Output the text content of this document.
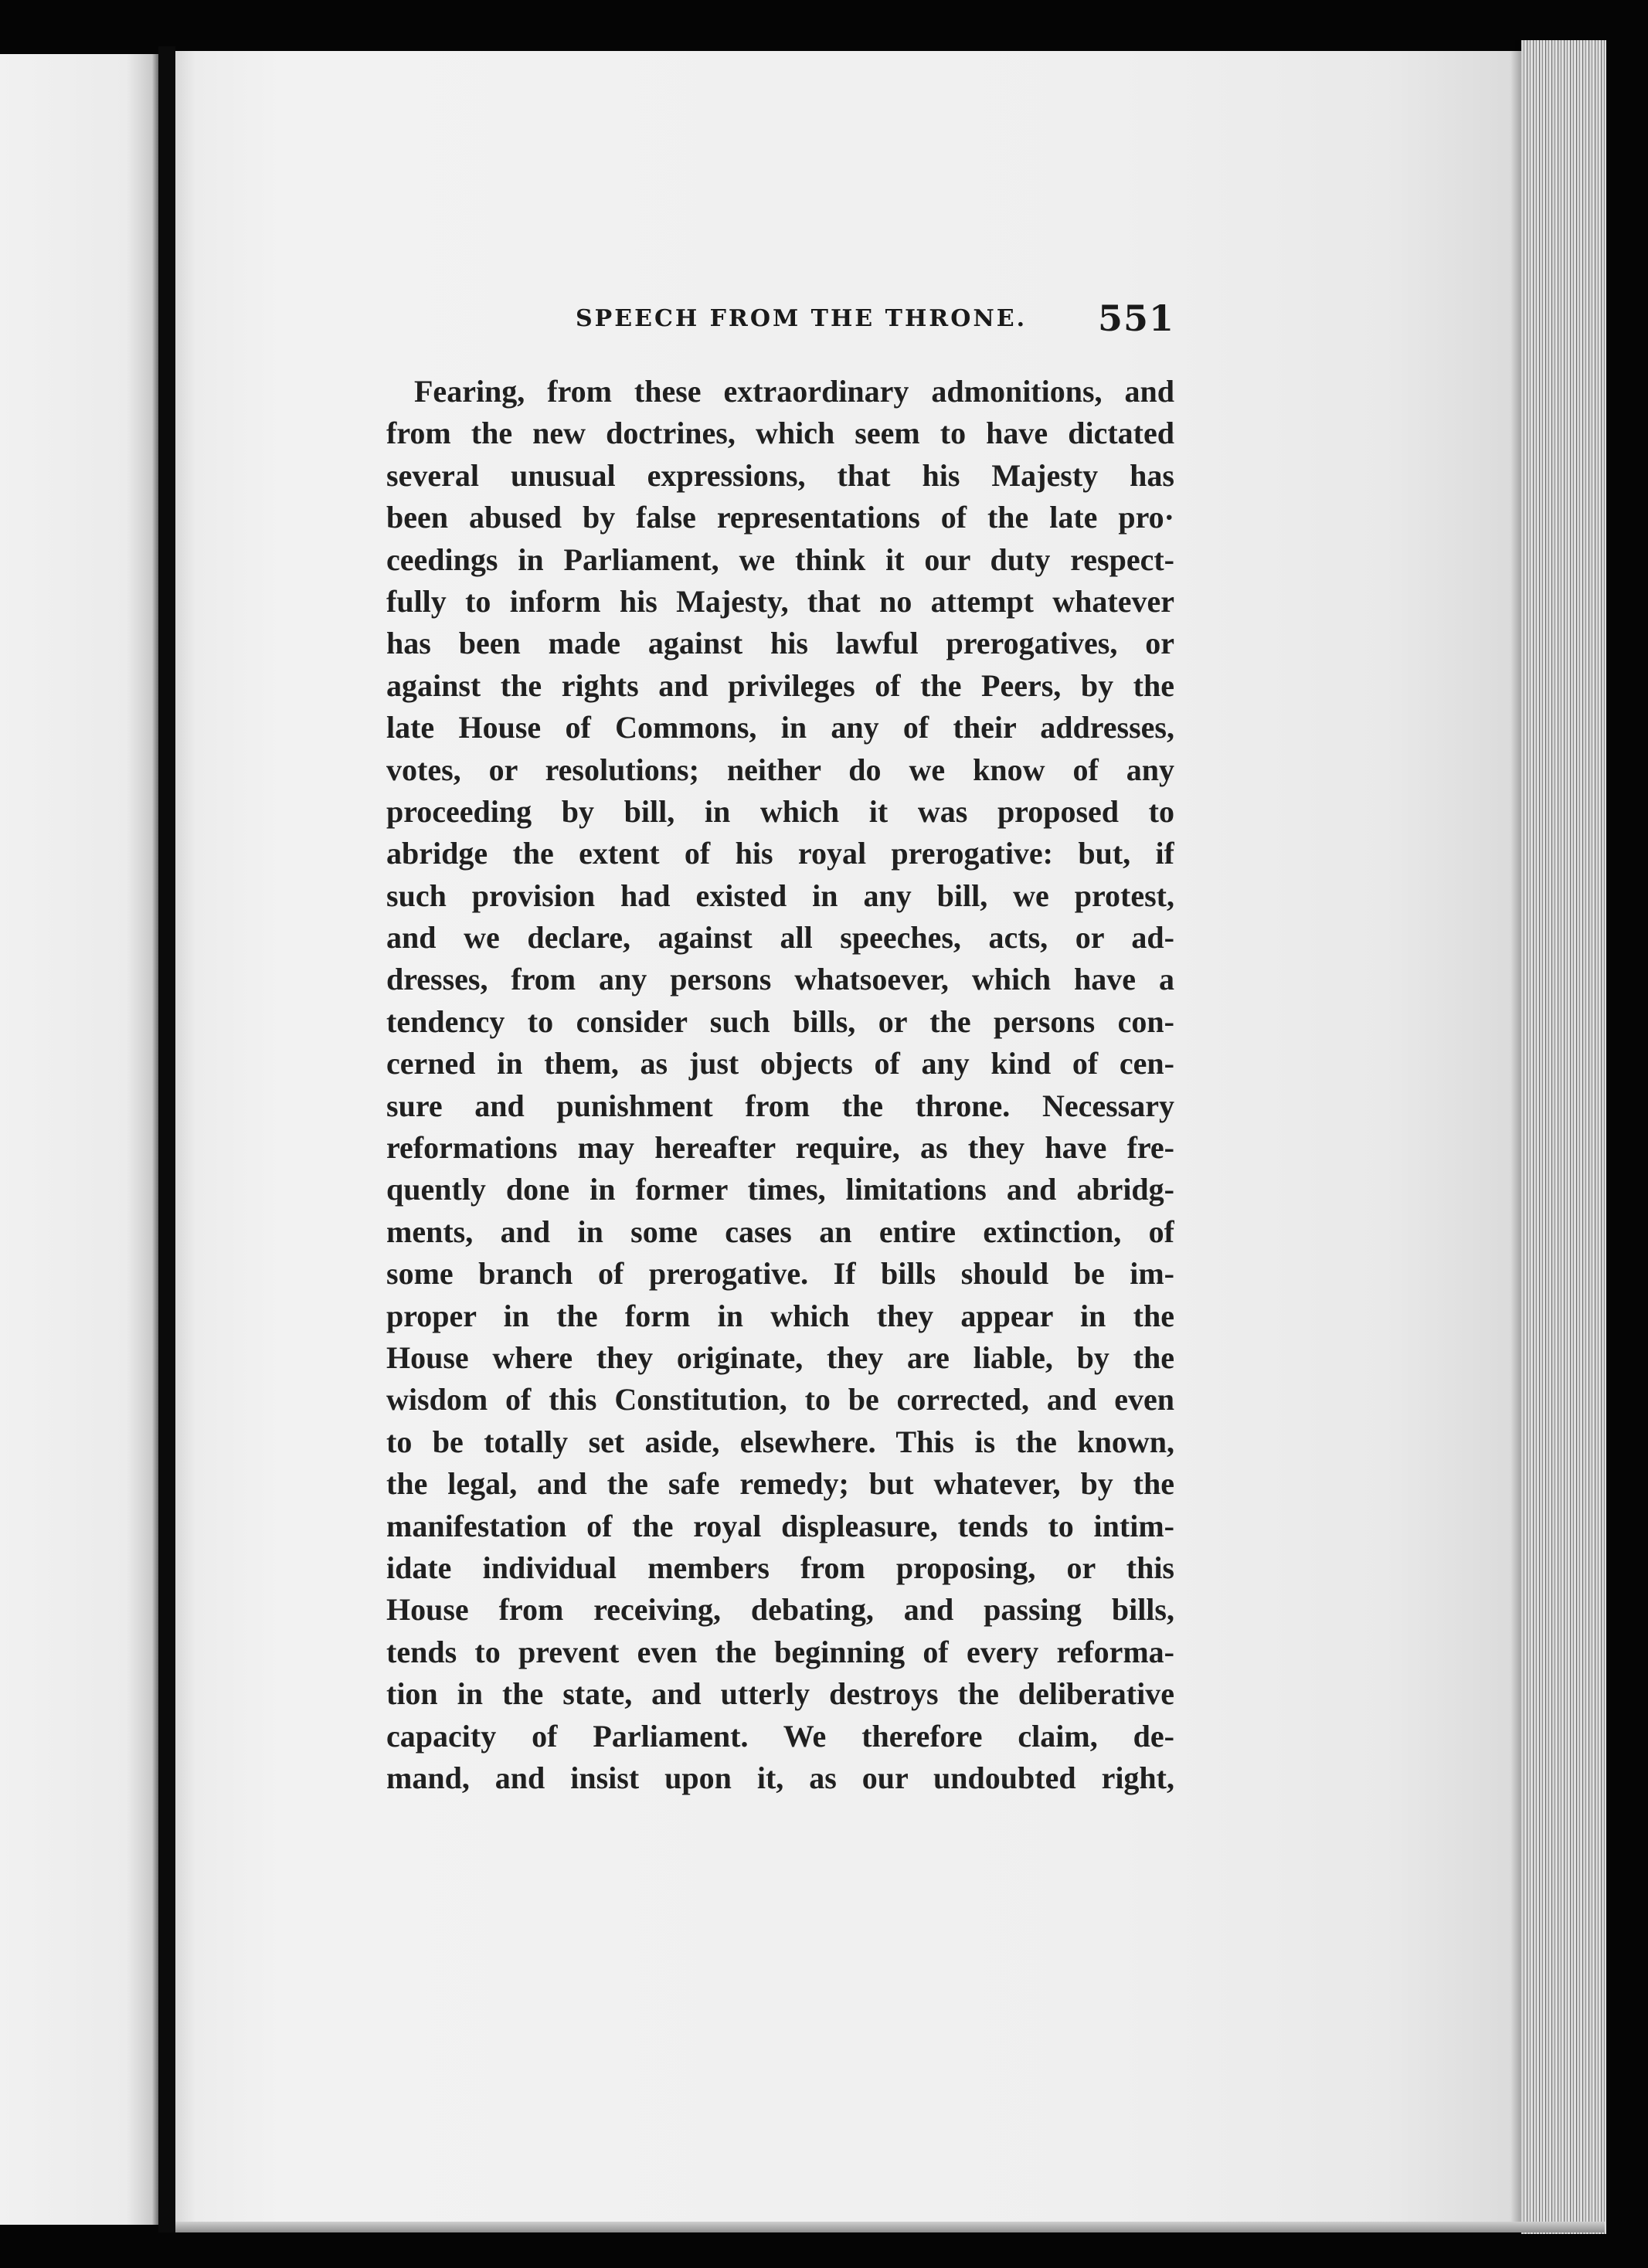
SPEECH FROM THE THRONE. 551
Fearing, from these extraordinary admonitions, and
from the new doctrines, which seem to have dictated
several unusual expressions, that his Majesty has
been abused by false representations of the late pro·
ceedings in Parliament, we think it our duty respect-
fully to inform his Majesty, that no attempt whatever
has been made against his lawful prerogatives, or
against the rights and privileges of the Peers, by the
late House of Commons, in any of their addresses,
votes, or resolutions; neither do we know of any
proceeding by bill, in which it was proposed to
abridge the extent of his royal prerogative: but, if
such provision had existed in any bill, we protest,
and we declare, against all speeches, acts, or ad-
dresses, from any persons whatsoever, which have a
tendency to consider such bills, or the persons con-
cerned in them, as just objects of any kind of cen-
sure and punishment from the throne. Necessary
reformations may hereafter require, as they have fre-
quently done in former times, limitations and abridg-
ments, and in some cases an entire extinction, of
some branch of prerogative. If bills should be im-
proper in the form in which they appear in the
House where they originate, they are liable, by the
wisdom of this Constitution, to be corrected, and even
to be totally set aside, elsewhere. This is the known,
the legal, and the safe remedy; but whatever, by the
manifestation of the royal displeasure, tends to intim-
idate individual members from proposing, or this
House from receiving, debating, and passing bills,
tends to prevent even the beginning of every reforma-
tion in the state, and utterly destroys the deliberative
capacity of Parliament. We therefore claim, de-
mand, and insist upon it, as our undoubted right,
